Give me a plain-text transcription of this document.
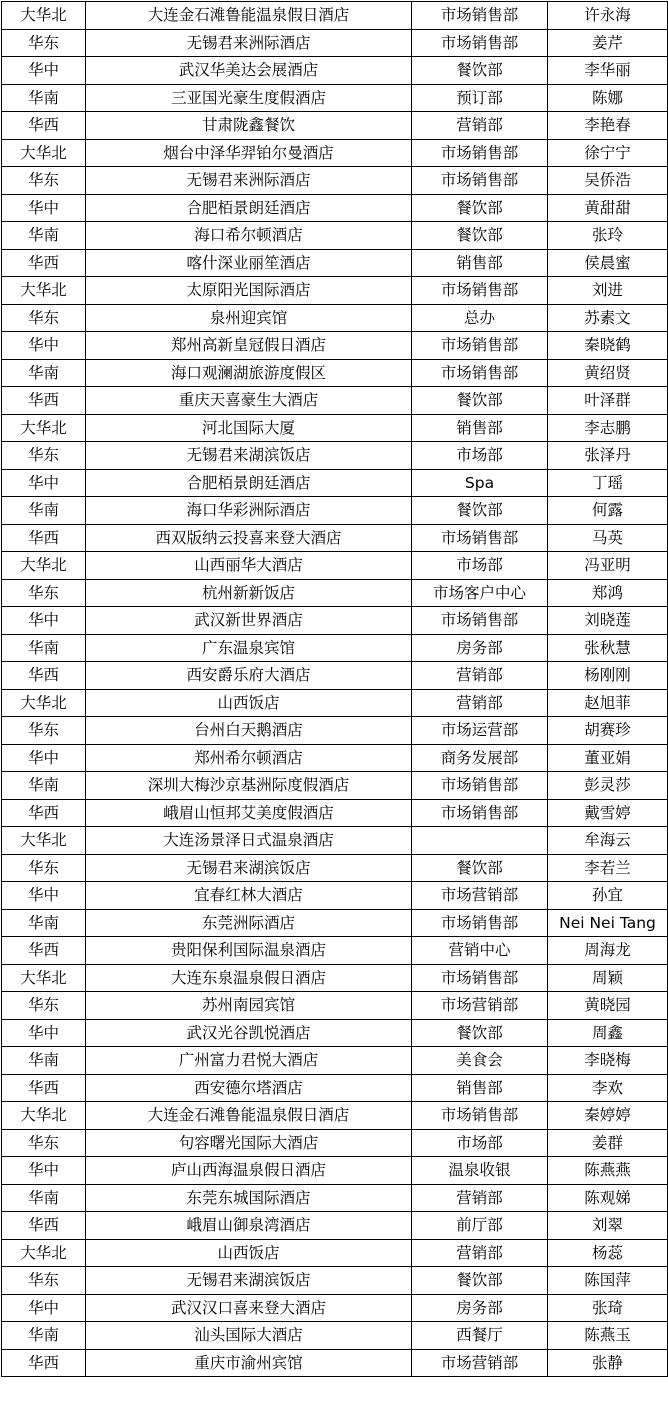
大华北	大连金石滩鲁能温泉假日酒店	市场销售部	许永海
华东	无锡君来洲际酒店	市场销售部	姜芹
华中	武汉华美达会展酒店	餐饮部	李华丽
华南	三亚国光豪生度假酒店	预订部	陈娜
华西	甘肃陇鑫餐饮	营销部	李艳春
大华北	烟台中泽华羿铂尔曼酒店	市场销售部	徐宁宁
华东	无锡君来洲际酒店	市场销售部	吴侨浩
华中	合肥栢景朗廷酒店	餐饮部	黄甜甜
华南	海口希尔顿酒店	餐饮部	张玲
华西	喀什深业丽笙酒店	销售部	侯晨蜜
大华北	太原阳光国际酒店	市场销售部	刘进
华东	泉州迎宾馆	总办	苏素文
华中	郑州高新皇冠假日酒店	市场销售部	秦晓鹤
华南	海口观澜湖旅游度假区	市场销售部	黄绍贤
华西	重庆天喜豪生大酒店	餐饮部	叶泽群
大华北	河北国际大厦	销售部	李志鹏
华东	无锡君来湖滨饭店	市场部	张泽丹
华中	合肥栢景朗廷酒店	Spa	丁瑶
华南	海口华彩洲际酒店	餐饮部	何露
华西	西双版纳云投喜来登大酒店	市场销售部	马英
大华北	山西丽华大酒店	市场部	冯亚明
华东	杭州新新饭店	市场客户中心	郑鸿
华中	武汉新世界酒店	市场销售部	刘晓莲
华南	广东温泉宾馆	房务部	张秋慧
华西	西安爵乐府大酒店	营销部	杨刚刚
大华北	山西饭店	营销部	赵旭菲
华东	台州白天鹅酒店	市场运营部	胡赛珍
华中	郑州希尔顿酒店	商务发展部	董亚娟
华南	深圳大梅沙京基洲际度假酒店	市场销售部	彭灵莎
华西	峨眉山恒邦艾美度假酒店	市场销售部	戴雪婷
大华北	大连汤景泽日式温泉酒店		牟海云
华东	无锡君来湖滨饭店	餐饮部	李若兰
华中	宜春红林大酒店	市场营销部	孙宜
华南	东莞洲际酒店	市场销售部	Nei Nei Tang
华西	贵阳保利国际温泉酒店	营销中心	周海龙
大华北	大连东泉温泉假日酒店	市场销售部	周颖
华东	苏州南园宾馆	市场营销部	黄晓园
华中	武汉光谷凯悦酒店	餐饮部	周鑫
华南	广州富力君悦大酒店	美食会	李晓梅
华西	西安德尔塔酒店	销售部	李欢
大华北	大连金石滩鲁能温泉假日酒店	市场销售部	秦婷婷
华东	句容曙光国际大酒店	市场部	姜群
华中	庐山西海温泉假日酒店	温泉收银	陈燕燕
华南	东莞东城国际酒店	营销部	陈观娣
华西	峨眉山御泉湾酒店	前厅部	刘翠
大华北	山西饭店	营销部	杨蕊
华东	无锡君来湖滨饭店	餐饮部	陈国萍
华中	武汉汉口喜来登大酒店	房务部	张琦
华南	汕头国际大酒店	西餐厅	陈燕玉
华西	重庆市渝州宾馆	市场营销部	张静
